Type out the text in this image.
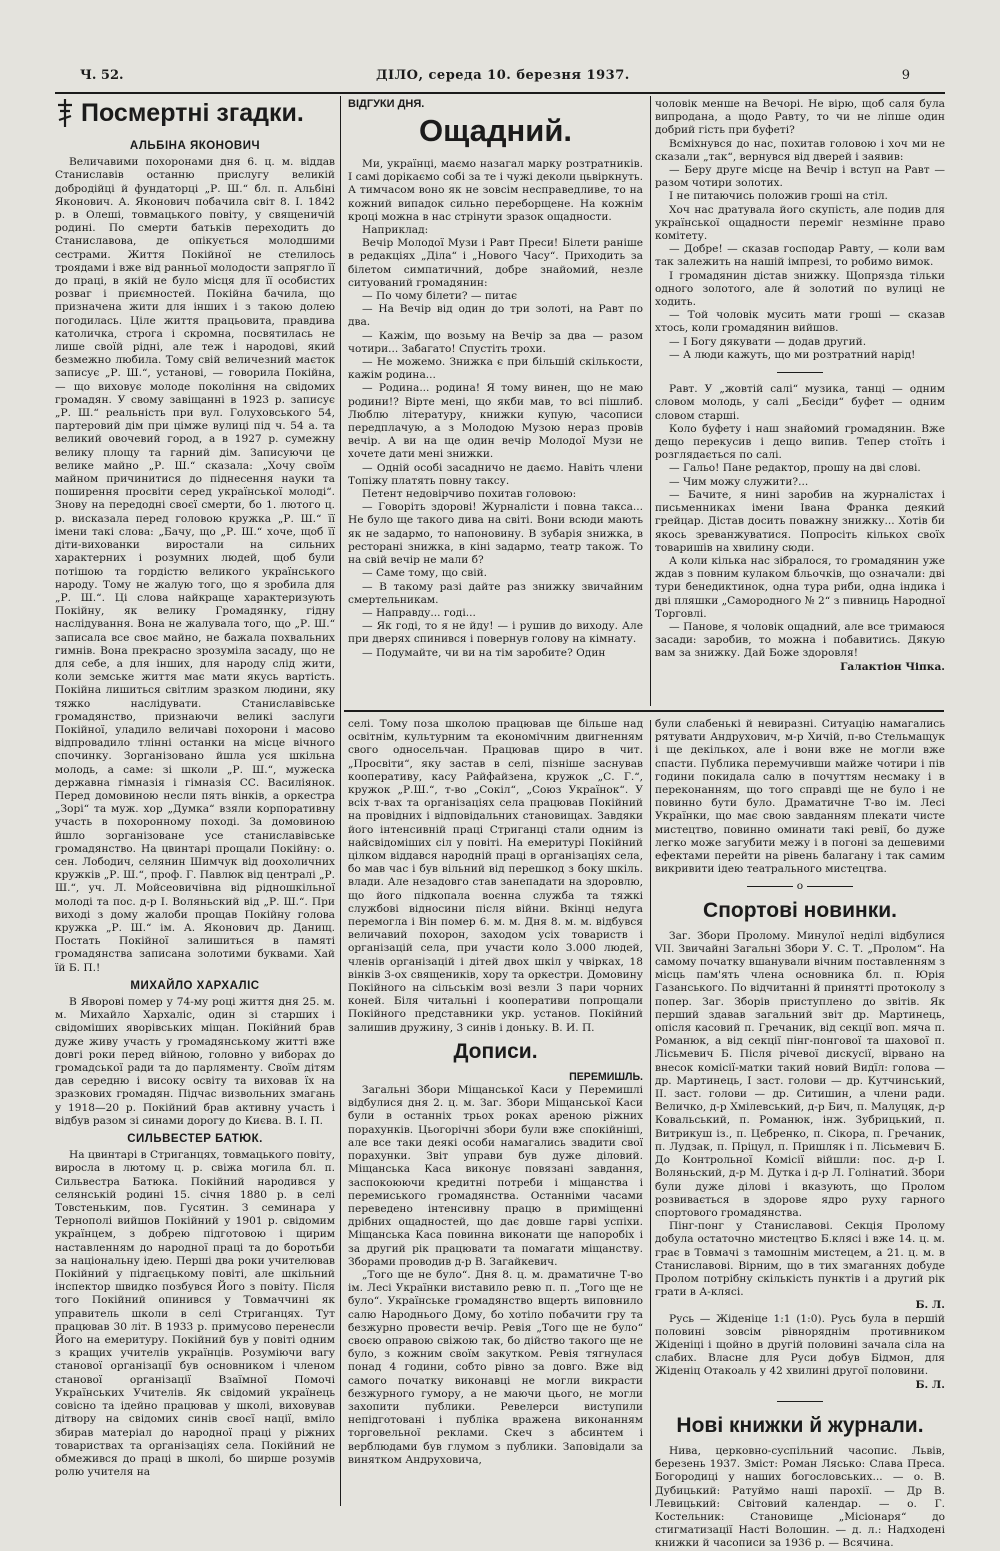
Ч. 52.	ДІЛО, середа 10. березня 1937.	9
Посмертні згадки.
АЛЬБІНА ЯКОНОВИЧ

Величавими похоронами дня 6. ц. м. віддав Станиславів останню прислугу великій добродійці й фундаторці „Р. Ш.“ бл. п. Альбіні Яконович. А. Яконович побачила світ 8. І. 1842 р. в Олеші, товмацького повіту, у священичій родині. По смерти батьків переходить до Станиславова, де опікується молодшими сестрами. Життя Покійної не стелилось троядами і вже від ранньої молодости запрягло її до праці, в якій не було місця для її особистих розваг і приємностей. Покійна бачила, що призначена жити для інших і з такою долею погодилась. Ціле життя працьовита, правдива католичка, строга і скромна, посвятилась не лише своїй рідні, але теж і народові, який безмежно любила. Тому свій величезний маєток записує „Р. Ш.“, установі, — говорила Покійна, — що виховує молоде покоління на свідомих громадян. У свому завіщанні в 1923 р. записує „Р. Ш.“ реальність при вул. Голуховського 54, партеровий дім при цімже вулиці під ч. 54 а. та великий овочевий город, а в 1927 р. сумежну велику площу та гарний дім. Записуючи це велике майно „Р. Ш.“ сказала: „Хочу своїм майном причинитися до піднесення науки та поширення просвіти серед української молоді“. Знову на передодні своєї смерти, бо 1. лютого ц. р. висказала перед головою кружка „Р. Ш.“ її імени такі слова: „Бачу, що „Р. Ш.“ хоче, щоб її діти-вихованки виростали на сильних характерних і розумних людей, щоб були потішою та гордістю великого українського народу. Тому не жалую того, що я зробила для „Р. Ш.“. Ці слова найкраще характеризують Покійну, як велику Громадянку, гідну наслідування. Вона не жалувала того, що „Р. Ш.“ записала все своє майно, не бажала похвальних гимнів. Вона прекрасно зрозуміла засаду, що не для себе, а для інших, для народу слід жити, коли земське життя має мати якусь вартість. Покійна лишиться світлим зразком людини, яку тяжко наслідувати. Станиславівське громадянство, признаючи великі заслуги Покійної, уладило величаві похорони і масово відпровадило тлінні останки на місце вічного спочинку. Зорганізовано йшла уся шкільна молодь, а саме: зі школи „Р. Ш.“, мужеска державна гімназія і гімназія СС. Василіянок. Перед домовиною несли пять вінків, а оркестра „Зорі“ та муж. хор „Думка“ взяли корпоративну участь в похоронному поході. За домовиною йшло зорганізоване усе станиславівське громадянство. На цвинтарі прощали Покійну: о. сен. Лободич, селянин Шимчук від доохоличних кружків „Р. Ш.“, проф. Г. Павлюк від централі „Р. Ш.“, уч. Л. Мойсеовичівна від рідношкільної молоді та пос. д-р І. Воляньский від „Р. Ш.“. При виході з дому жалоби прощав Покійну голова кружка „Р. Ш.“ ім. А. Яконович др. Данищ. Постать Покійної залишиться в памяті громадянства записана золотими буквами. Хай їй Б. П.!

МИХАЙЛО ХАРХАЛІС

В Яворові помер у 74-му році життя дня 25. м. м. Михайло Хархаліс, один зі старших і свідоміших яворівських міщан. Покійний брав дуже живу участь у громадянському житті вже довгі роки перед війною, головно у виборах до громадської ради та до парляменту. Своїм дітям дав середню і високу освіту та виховав їх на зразкових громадян. Підчас визвольних змагань у 1918—20 р. Покійний брав активну участь і відбув разом зі синами дорогу до Києва. В. І. П.

СИЛЬВЕСТЕР БАТЮК.

На цвинтарі в Стриганцях, товмацького повіту, виросла в лютому ц. р. свіжа могила бл. п. Сильвестра Батюка. Покійний народився у селянській родині 15. січня 1880 р. в селі Товстеньким, пов. Гусятин. З семинара у Тернополі вийшов Покійний у 1901 р. свідомим українцем, з добрею підготовою і щирим наставленням до народної праці та до боротьби за національну ідею. Перші два роки учителював Покійний у підгаєцькому повіті, але шкільний інспектор швидко позбувся Його з повіту. Після того Покійний опинився у Товмаччині як управитель школи в селі Стриганцях. Тут працював 30 літ. В 1933 р. примусово перенесли Його на емеритуру. Покійний був у повіті одним з кращих учителів українців. Розуміючи вагу станової організації був основником і членом станової організації Взаїмної Помочі Українських Учителів. Як свідомий українець совісно та ідейно працював у школі, виховував дітвору на свідомих синів своєї нації, вміло збирав матеріал до народної праці у ріжних товариствах та організаціях села. Покійний не обмежився до праці в школі, бо ширше розумів ролю учителя на

ВІДГУКИ ДНЯ.
Ощадний.

Ми, українці, маємо назагал марку розтратників. І самі дорікаємо собі за те і чужі деколи цьвіркнуть. А тимчасом воно як не зовсім несправедливе, то на кожний випадок сильно переборщене. На кожнім кроці можна в нас стрінути зразок ощадности.

Наприклад:

Вечір Молодої Музи і Равт Преси! Білети раніше в редакціях „Діла“ і „Нового Часу“. Приходить за білетом симпатичний, добре знайомий, незле ситуований громадянин:

— По чому білети? — питає

— На Вечір від один до три золоті, на Равт по два.

— Кажім, що возьму на Вечір за два — разом чотири... Забагато! Спустіть трохи.

— Не можемо. Знижка є при більшій скількости, кажім родина...

— Родина... родина! Я тому винен, що не маю родини!? Вірте мені, що якби мав, то всі пішлиб. Люблю літературу, книжки купую, часописи передплачую, а з Молодою Музою нераз провів вечір. А ви на ще один вечір Молодої Музи не хочете дати мені знижки.

— Одній особі засадничо не даємо. Навіть члени Топіжу платять повну таксу.

Петент недовірчиво похитав головою:

— Говоріть здорові! Журналісти і повна такса... Не було ще такого дива на світі. Вони всюди мають як не задармо, то напоновину. В зубарія знижка, в ресторані знижка, в кіні задармо, театр також. То на свій вечір не мали б?

— Саме тому, що свій.

— В такому разі дайте раз знижку звичайним смертельникам.

— Направду... годі...

— Як годі, то я не йду! — і рушив до виходу. Але при дверях спинився і повернув голову на кімнату.

— Подумайте, чи ви на тім заробите? Один

чоловік менше на Вечорі. Не вірю, щоб саля була випродана, а щодо Равту, то чи не ліпше один добрий гість при буфеті?

Всміхнувся до нас, похитав головою і хоч ми не сказали „так“, вернувся від дверей і заявив:

— Беру друге місце на Вечір і вступ на Равт — разом чотири золотих.

І не питаючись положив гроші на стіл.

Хоч нас дратувала його скупість, але подив для української ощадности переміг незмінне право комітету.

— Добре! — сказав господар Равту, — коли вам так залежить на нашій імпрезі, то робимо вимок.

І громадянин дістав знижку. Щопрязда тільки одного золотого, але й золотий по вулиці не ходить.

— Той чоловік мусить мати гроші — сказав хтось, коли громадянин вийшов.

— І Богу дякувати — додав другий.

— А люди кажуть, що ми розтратний нарід!

Равт. У „жовтій салі“ музика, танці — одним словом молодь, у салі „Бесіди“ буфет — одним словом старші.

Коло буфету і наш знайомий громадянин. Вже дещо перекусив і дещо випив. Тепер стоїть і розглядається по салі.

— Гальо! Пане редактор, прошу на дві слові.

— Чим можу служити?...

— Бачите, я нині заробив на журналістах і письменниках імени Івана Франка деякий грейцар. Дістав досить поважну знижку... Хотів би якось зреванжуватися. Попросіть кількох своїх товаришів на хвилину сюди.

А коли кілька нас зібралося, то громадянин уже ждав з повним кулаком бльочків, що означали: дві тури бенедиктинок, одна тура риби, одна індика і дві пляшки „Самородного № 2“ з пивниць Народної Торговлі.

— Панове, я чоловік ощадний, але все тримаюся засади: заробив, то можна і побавитись. Дякую вам за знижку. Дай Боже здоровля!

Галактіон Чіпка.

селі. Тому поза школою працював ще більше над освітнім, культурним та економічним двигненням свого односельчан. Працював щиро в чит. „Просвіти“, яку застав в селі, пізніше заснував кооперативу, касу Райфайзена, кружок „С. Г.“, кружок „Р.Ш.“, т-во „Сокіл“, „Союз Українок“. У всіх т-вах та організаціях села працював Покійний на провідних і відповідальних становищах. Завдяки його інтенсивній праці Стриганці стали одним із найсвідоміших сіл у повіті. На емеритурі Покійний цілком віддався народній праці в організаціях села, бо мав час і був вільний від перешкод з боку шкіль. влади. Але незадовго став занепадати на здоровлю, що його підкопала воєнна служба та тяжкі службові відносини після війни. Вкінці недуга перемогла і Він помер 6. м. м. Дня 8. м. м. відбувся величавий похорон, заходом усіх товариств і організацій села, при участи коло 3.000 людей, членів організацій і дітей двох шкіл у чвірках, 18 вінків 3-ох священиків, хору та оркестри. Домовину Покійного на сільськім возі везли 3 пари чорних коней. Біля читальні і кооперативи попрощали Покійного представники укр. установ. Покійний залишив дружину, 3 синів і доньку. В. И. П.

Дописи.
ПЕРЕМИШЛЬ.

Загальні Збори Міщанської Каси у Перемишлі відбулися дня 2. ц. м. Заг. Збори Міщанської Каси були в останніх трьох роках ареною ріжних порахунків. Цьогорічні збори були вже спокійніші, але все таки деякі особи намагались звадити свої порахунки. Звіт управи був дуже діловий. Міщанська Каса виконує повязані завдання, заспокоюючи кредитні потреби і міщанства і перемиського громадянства. Останніми часами переведено інтенсивну працю в приміщенні дрібних ощадностей, що дає довше гарві успіхи. Міщанська Каса повинна виконати ще напоробіх і за другий рік працювати та помагати міщанству. Зборами проводив д-р В. Загайкевич.

„Того ще не було“. Дня 8. ц. м. драматичне Т-во ім. Лесі Українки виставило ревю п. п. „Того ще не було“. Українське громадянство вщерть виповнило салю Народнього Дому, бо хотіло побачити гру та безжурно провести вечір. Ревія „Того ще не було“ своєю оправою свіжою так, бо дійство такого ще не було, з кожним своїм закутком. Ревія тягнулася понад 4 години, собто рівно за довго. Вже від самого початку виконавці не могли викрасти безжурного гумору, а не маючи цього, не могли захопити публики. Ревелерси виступили непідготовані і публіка вражена виконанням торговельної реклами. Скеч з абсинтем і верблюдами був глумом з публики. Заповідали за винятком Андруховича,

були слабенькі й невиразні. Ситуацію намагались рятувати Андрухович, м-р Хичій, п-во Стельмащук і ще декількох, але і вони вже не могли вже спасти. Публика перемучивши майже чотири і пів години покидала салю в почуттям несмаку і в переконанням, що того справді ще не було і не повинно бути було. Драматичне Т-во ім. Лесі Українки, що має свою завданням плекати чисте мистецтво, повинно оминати такі ревії, бо дуже легко може загубити межу і в погоні за дешевими ефектами перейти на рівень балагану і так самим викривити ідею театрального мистецтва.

o
Спортові новинки.

Заг. Збори Пролому. Минулої неділі відбулися VII. Звичайні Загальні Збори У. С. Т. „Пролом“. На самому початку вшанували вічним поставленням з місць пам'ять члена основника бл. п. Юрія Газанського. По відчитанні й принятті протоколу з попер. Заг. Зборів приступлено до звітів. Як перший здавав загальний звіт др. Мартинець, опісля касовий п. Гречаник, від секції воп. мяча п. Романюк, а від секції пінг-понгової та шахової п. Лісьмевич Б. Після річевої дискусії, вірвано на внесок комісії-матки такий новий Видїл: голова — др. Мартинець, І заст. голови — др. Кутчинський, ІІ. заст. голови — др. Ситишин, а члени ради. Величко, д-р Хмілевський, д-р Бич, п. Малуцяк, д-р Ковальський, п. Романюк, інж. Зубрицький, п. Витрикуш із., п. Цебренко, п. Сікора, п. Гречаник, п. Лудзак, п. Пріцул, п. Пришляк і п. Лісьмевич Б. До Контрольної Комісії війшли: пос. д-р І. Воляньский, д-р М. Дутка і д-р Л. Голінатий. Збори були дуже ділові і вказують, що Пролом розвивається в здорове ядро руху гарного спортового громадянства.

Пінг-понг у Станиславові. Секція Пролому добула остаточно мистецтво Б.клясі і вже 14. ц. м. грає в Товмачі з тамошнім мистецем, а 21. ц. м. в Станиславові. Вірним, що в тих змаганнях добуде Пролом потрібну скількість пунктів і а другий рік грати в А-клясі.

Б. Л.

Русь — Жіденіце 1:1 (1:0). Русь була в першій половині зовсім рівноряднім противником Жіденіці і щойно в другій половині зачала сіла на слабих. Власне для Руси добув Бідмон, для Жіденіц Отакоаль у 42 хвилині другої половини.

Б. Л.
Нові книжки й журнали.

Нива, церковно-суспільний часопис. Львів, березень 1937. Зміст: Роман Лясько: Слава Преса. Богородиці у наших богословських... — о. В. Дубицький: Ратуймо наші парохії. — Др В. Левицький: Світовий календар. — о. Г. Костельник: Становище „Місіонаря“ до стигматизації Насті Волошин. — д. л.: Надходені книжки й часописи за 1936 р. — Всячина.
